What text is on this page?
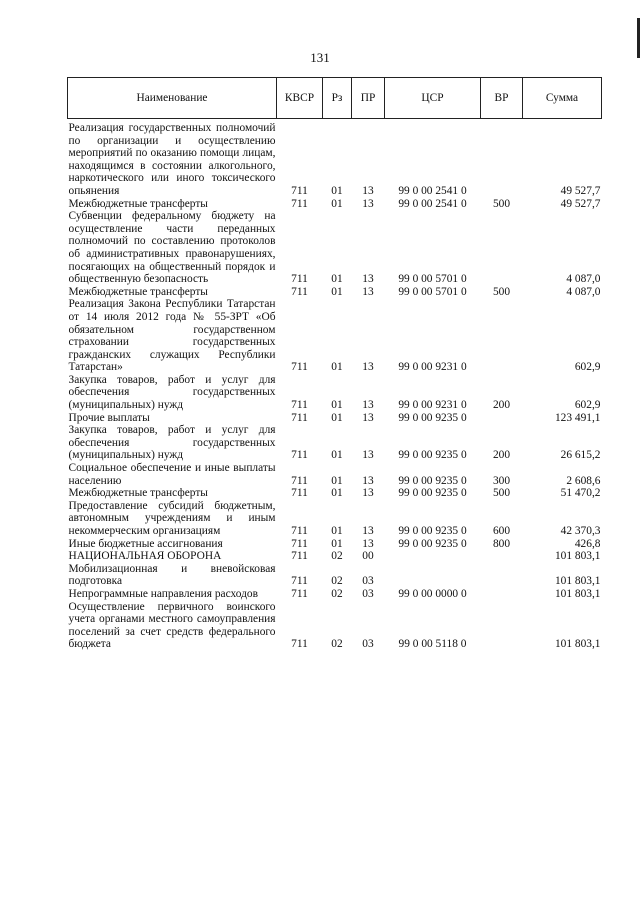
131
Наименование	КВСР	Рз	ПР	ЦСР	ВР	Сумма

Реализация государственных полномочий по организации и осуществлению мероприятий по оказанию помощи лицам, находящимся в состоянии алкогольного, наркотического или иного токсического опьянения	711	01	13	99 0 00 2541 0		49 527,7
Межбюджетные трансферты	711	01	13	99 0 00 2541 0	500	49 527,7
Субвенции федеральному бюджету на осуществление части переданных полномочий по составлению протоколов об административных правонарушениях, посягающих на общественный порядок и общественную безопасность	711	01	13	99 0 00 5701 0		4 087,0
Межбюджетные трансферты	711	01	13	99 0 00 5701 0	500	4 087,0
Реализация Закона Республики Татарстан от 14 июля 2012 года № 55-ЗРТ «Об обязательном государственном страховании государственных гражданских служащих Республики Татарстан»	711	01	13	99 0 00 9231 0		602,9
Закупка товаров, работ и услуг для обеспечения государственных (муниципальных) нужд	711	01	13	99 0 00 9231 0	200	602,9
Прочие выплаты	711	01	13	99 0 00 9235 0		123 491,1
Закупка товаров, работ и услуг для обеспечения государственных (муниципальных) нужд	711	01	13	99 0 00 9235 0	200	26 615,2
Социальное обеспечение и иные выплаты населению	711	01	13	99 0 00 9235 0	300	2 608,6
Межбюджетные трансферты	711	01	13	99 0 00 9235 0	500	51 470,2
Предоставление субсидий бюджетным, автономным учреждениям и иным некоммерческим организациям	711	01	13	99 0 00 9235 0	600	42 370,3
Иные бюджетные ассигнования	711	01	13	99 0 00 9235 0	800	426,8
НАЦИОНАЛЬНАЯ ОБОРОНА	711	02	00			101 803,1
Мобилизационная и вневойсковая подготовка	711	02	03			101 803,1
Непрограммные направления расходов	711	02	03	99 0 00 0000 0		101 803,1
Осуществление первичного воинского учета органами местного самоуправления поселений за счет средств федерального бюджета	711	02	03	99 0 00 5118 0		101 803,1
